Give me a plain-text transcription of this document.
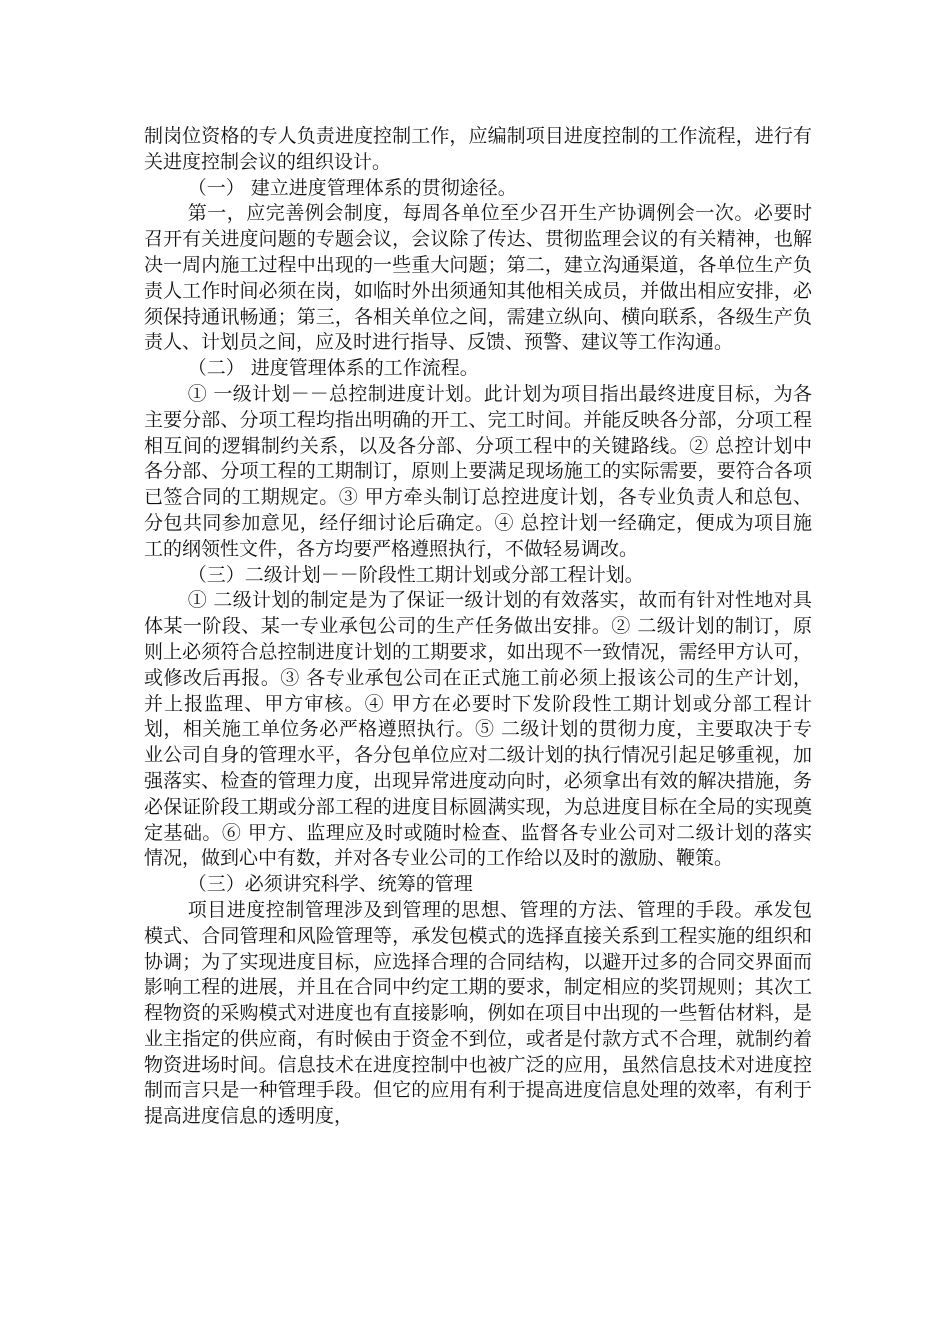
制岗位资格的专人负责进度控制工作，应编制项目进度控制的工作流程，进行有关进度控制会议的组织设计。

（一） 建立进度管理体系的贯彻途径。

第一，应完善例会制度，每周各单位至少召开生产协调例会一次。必要时召开有关进度问题的专题会议，会议除了传达、贯彻监理会议的有关精神，也解决一周内施工过程中出现的一些重大问题；第二，建立沟通渠道，各单位生产负责人工作时间必须在岗，如临时外出须通知其他相关成员，并做出相应安排，必须保持通讯畅通；第三，各相关单位之间，需建立纵向、横向联系，各级生产负责人、计划员之间，应及时进行指导、反馈、预警、建议等工作沟通。

（二） 进度管理体系的工作流程。

① 一级计划－－总控制进度计划。此计划为项目指出最终进度目标，为各主要分部、分项工程均指出明确的开工、完工时间。并能反映各分部，分项工程相互间的逻辑制约关系，以及各分部、分项工程中的关键路线。② 总控计划中各分部、分项工程的工期制订，原则上要满足现场施工的实际需要，要符合各项已签合同的工期规定。③ 甲方牵头制订总控进度计划，各专业负责人和总包、分包共同参加意见，经仔细讨论后确定。④ 总控计划一经确定，便成为项目施工的纲领性文件，各方均要严格遵照执行，不做轻易调改。

（三）二级计划－－阶段性工期计划或分部工程计划。

① 二级计划的制定是为了保证一级计划的有效落实，故而有针对性地对具体某一阶段、某一专业承包公司的生产任务做出安排。② 二级计划的制订，原则上必须符合总控制进度计划的工期要求，如出现不一致情况，需经甲方认可，或修改后再报。③ 各专业承包公司在正式施工前必须上报该公司的生产计划，并上报监理、甲方审核。④ 甲方在必要时下发阶段性工期计划或分部工程计划，相关施工单位务必严格遵照执行。⑤ 二级计划的贯彻力度，主要取决于专业公司自身的管理水平，各分包单位应对二级计划的执行情况引起足够重视，加强落实、检查的管理力度，出现异常进度动向时，必须拿出有效的解决措施，务必保证阶段工期或分部工程的进度目标圆满实现，为总进度目标在全局的实现奠定基础。⑥ 甲方、监理应及时或随时检查、监督各专业公司对二级计划的落实情况，做到心中有数，并对各专业公司的工作给以及时的激励、鞭策。

（三）必须讲究科学、统筹的管理

项目进度控制管理涉及到管理的思想、管理的方法、管理的手段。承发包模式、合同管理和风险管理等，承发包模式的选择直接关系到工程实施的组织和协调；为了实现进度目标，应选择合理的合同结构，以避开过多的合同交界面而影响工程的进展，并且在合同中约定工期的要求，制定相应的奖罚规则；其次工程物资的采购模式对进度也有直接影响，例如在项目中出现的一些暂估材料，是业主指定的供应商，有时候由于资金不到位，或者是付款方式不合理，就制约着物资进场时间。信息技术在进度控制中也被广泛的应用，虽然信息技术对进度控制而言只是一种管理手段。但它的应用有利于提高进度信息处理的效率，有利于提高进度信息的透明度，
